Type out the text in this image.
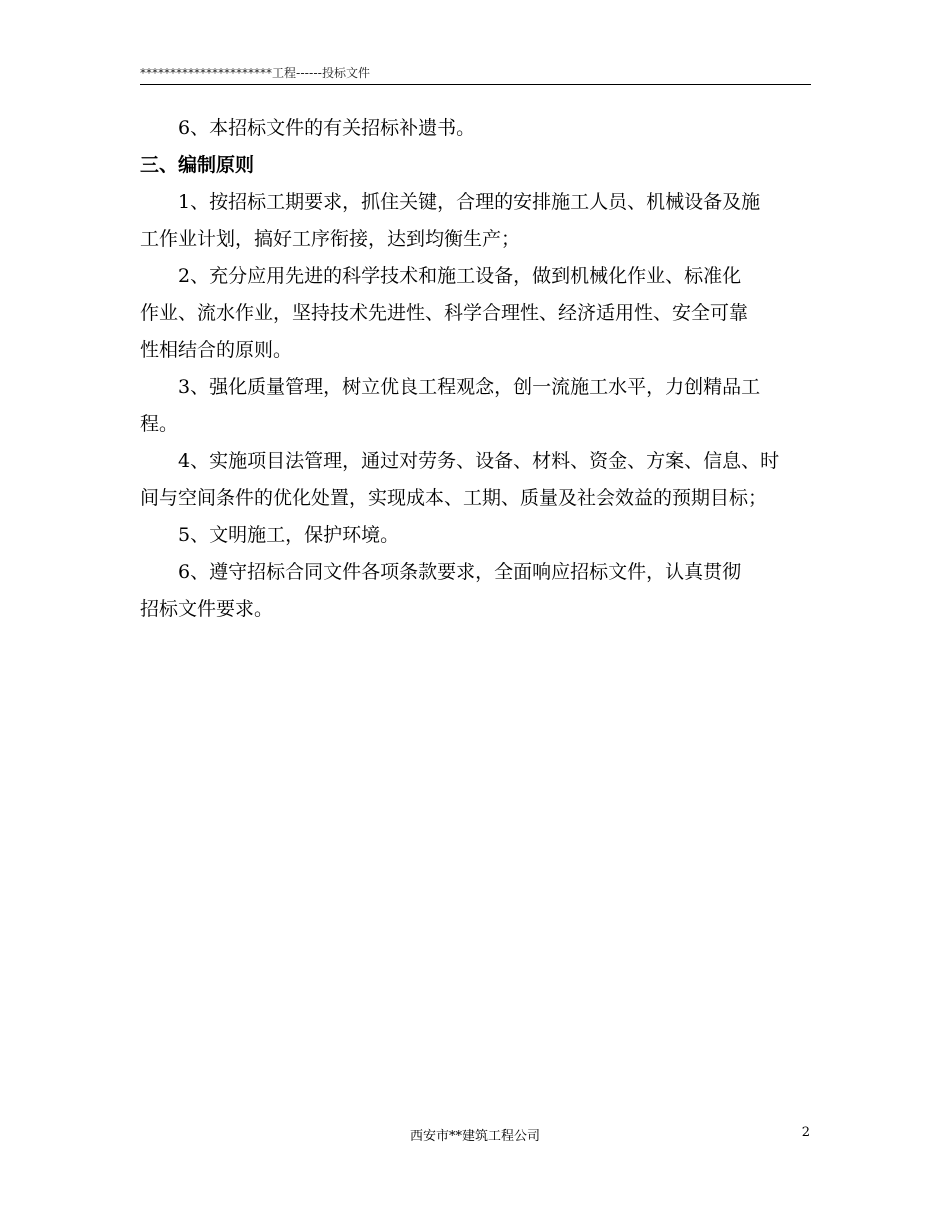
**********************工程------投标文件
6、本招标文件的有关招标补遗书。
三、编制原则
1、按招标工期要求，抓住关键，合理的安排施工人员、机械设备及施
工作业计划，搞好工序衔接，达到均衡生产；
2、充分应用先进的科学技术和施工设备，做到机械化作业、标准化
作业、流水作业，坚持技术先进性、科学合理性、经济适用性、安全可靠
性相结合的原则。
3、强化质量管理，树立优良工程观念，创一流施工水平，力创精品工
程。
4、实施项目法管理，通过对劳务、设备、材料、资金、方案、信息、时
间与空间条件的优化处置，实现成本、工期、质量及社会效益的预期目标；
5、文明施工，保护环境。
6、遵守招标合同文件各项条款要求，全面响应招标文件，认真贯彻
招标文件要求。
西安市**建筑工程公司	2
